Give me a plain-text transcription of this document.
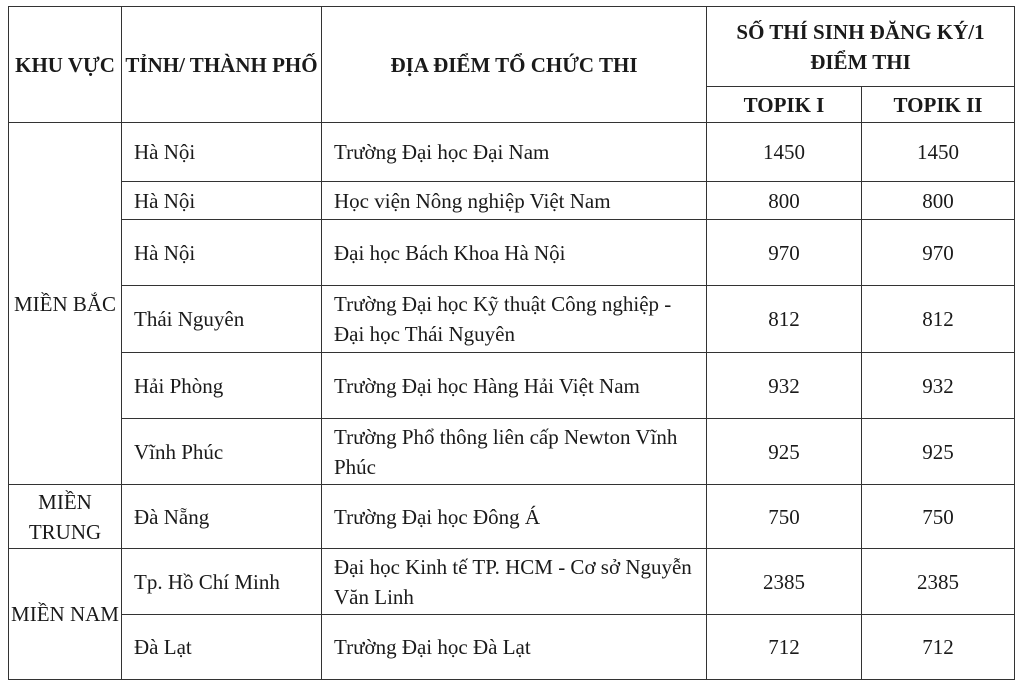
KHU VỰC	TỈNH/ THÀNH PHỐ	ĐỊA ĐIỂM TỔ CHỨC THI	SỐ THÍ SINH ĐĂNG KÝ/1 ĐIỂM THI	
			TOPIK I	TOPIK II
MIỀN BẮC	Hà Nội	Trường Đại học Đại Nam	1450	1450
	Hà Nội	Học viện Nông nghiệp Việt Nam	800	800
	Hà Nội	Đại học Bách Khoa Hà Nội	970	970
	Thái Nguyên	Trường Đại học Kỹ thuật Công nghiệp - Đại học Thái Nguyên	812	812
	Hải Phòng	Trường Đại học Hàng Hải Việt Nam	932	932
	Vĩnh Phúc	Trường Phổ thông liên cấp Newton Vĩnh Phúc	925	925
MIỀN TRUNG	Đà Nẵng	Trường Đại học Đông Á	750	750
MIỀN NAM	Tp. Hồ Chí Minh	Đại học Kinh tế TP. HCM - Cơ sở Nguyễn Văn Linh	2385	2385
	Đà Lạt	Trường Đại học Đà Lạt	712	712
